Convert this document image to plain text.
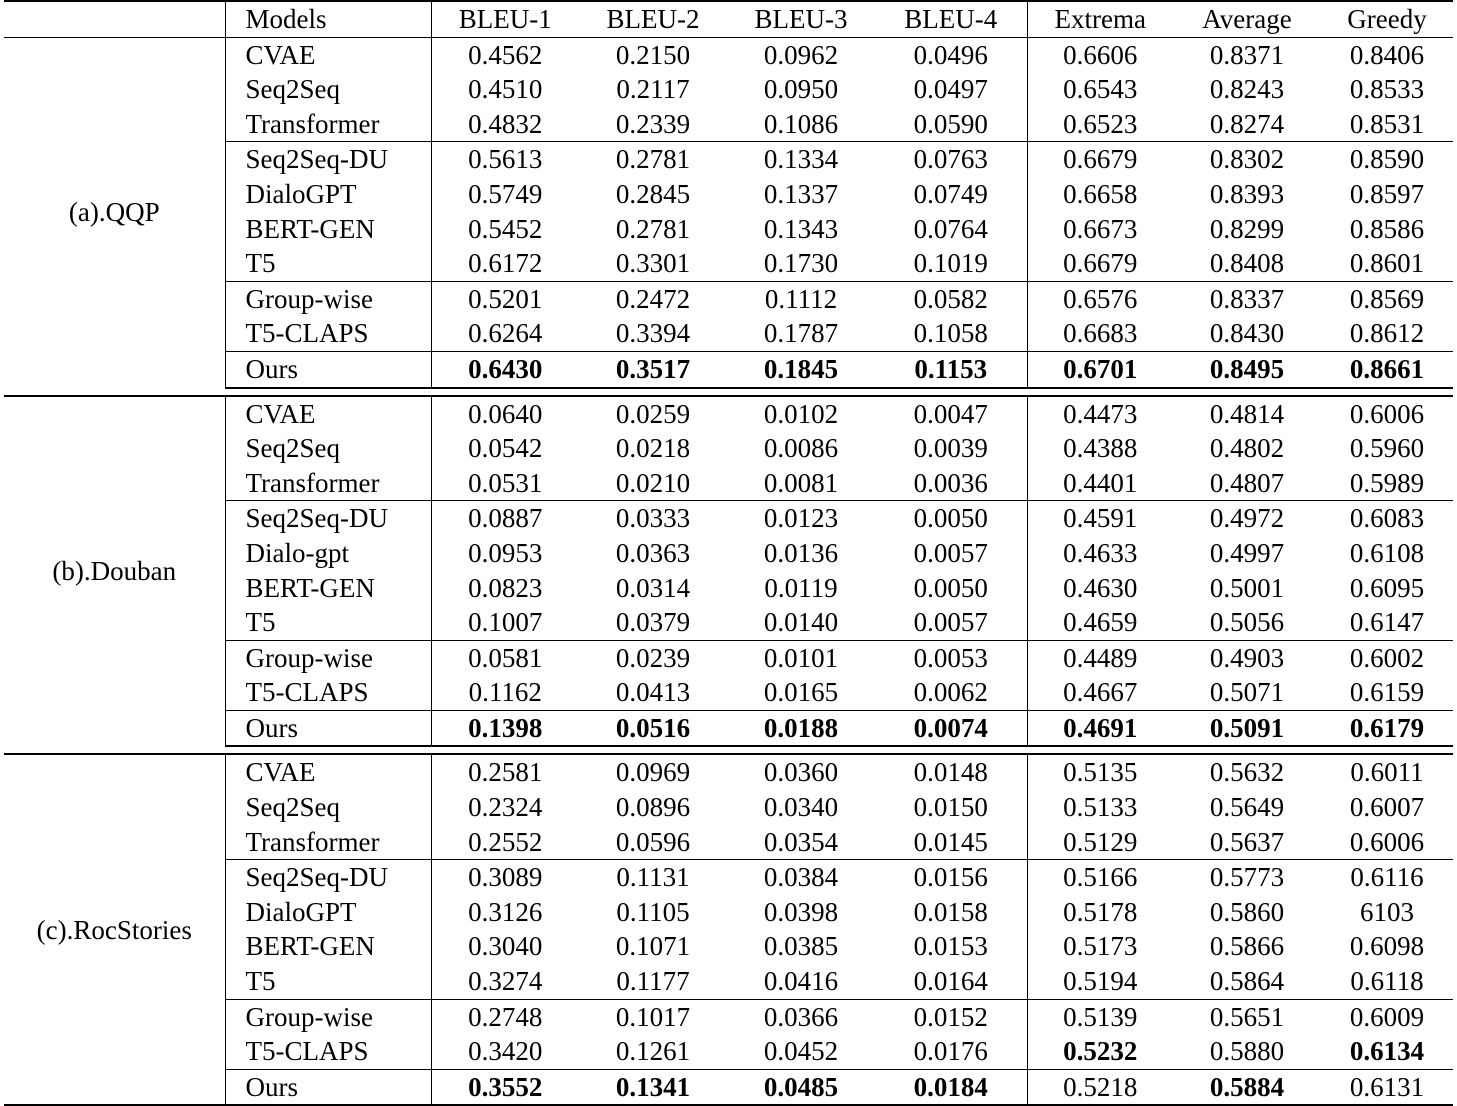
	Models	BLEU-1	BLEU-2	BLEU-3	BLEU-4	Extrema	Average	Greedy
(a).QQP	CVAE	0.4562	0.2150	0.0962	0.0496	0.6606	0.8371	0.8406
	Seq2Seq	0.4510	0.2117	0.0950	0.0497	0.6543	0.8243	0.8533
	Transformer	0.4832	0.2339	0.1086	0.0590	0.6523	0.8274	0.8531
	Seq2Seq-DU	0.5613	0.2781	0.1334	0.0763	0.6679	0.8302	0.8590
	DialoGPT	0.5749	0.2845	0.1337	0.0749	0.6658	0.8393	0.8597
	BERT-GEN	0.5452	0.2781	0.1343	0.0764	0.6673	0.8299	0.8586
	T5	0.6172	0.3301	0.1730	0.1019	0.6679	0.8408	0.8601
	Group-wise	0.5201	0.2472	0.1112	0.0582	0.6576	0.8337	0.8569
	T5-CLAPS	0.6264	0.3394	0.1787	0.1058	0.6683	0.8430	0.8612
	Ours	0.6430	0.3517	0.1845	0.1153	0.6701	0.8495	0.8661

(b).Douban	CVAE	0.0640	0.0259	0.0102	0.0047	0.4473	0.4814	0.6006
	Seq2Seq	0.0542	0.0218	0.0086	0.0039	0.4388	0.4802	0.5960
	Transformer	0.0531	0.0210	0.0081	0.0036	0.4401	0.4807	0.5989
	Seq2Seq-DU	0.0887	0.0333	0.0123	0.0050	0.4591	0.4972	0.6083
	Dialo-gpt	0.0953	0.0363	0.0136	0.0057	0.4633	0.4997	0.6108
	BERT-GEN	0.0823	0.0314	0.0119	0.0050	0.4630	0.5001	0.6095
	T5	0.1007	0.0379	0.0140	0.0057	0.4659	0.5056	0.6147
	Group-wise	0.0581	0.0239	0.0101	0.0053	0.4489	0.4903	0.6002
	T5-CLAPS	0.1162	0.0413	0.0165	0.0062	0.4667	0.5071	0.6159
	Ours	0.1398	0.0516	0.0188	0.0074	0.4691	0.5091	0.6179

(c).RocStories	CVAE	0.2581	0.0969	0.0360	0.0148	0.5135	0.5632	0.6011
	Seq2Seq	0.2324	0.0896	0.0340	0.0150	0.5133	0.5649	0.6007
	Transformer	0.2552	0.0596	0.0354	0.0145	0.5129	0.5637	0.6006
	Seq2Seq-DU	0.3089	0.1131	0.0384	0.0156	0.5166	0.5773	0.6116
	DialoGPT	0.3126	0.1105	0.0398	0.0158	0.5178	0.5860	6103
	BERT-GEN	0.3040	0.1071	0.0385	0.0153	0.5173	0.5866	0.6098
	T5	0.3274	0.1177	0.0416	0.0164	0.5194	0.5864	0.6118
	Group-wise	0.2748	0.1017	0.0366	0.0152	0.5139	0.5651	0.6009
	T5-CLAPS	0.3420	0.1261	0.0452	0.0176	0.5232	0.5880	0.6134
	Ours	0.3552	0.1341	0.0485	0.0184	0.5218	0.5884	0.6131
